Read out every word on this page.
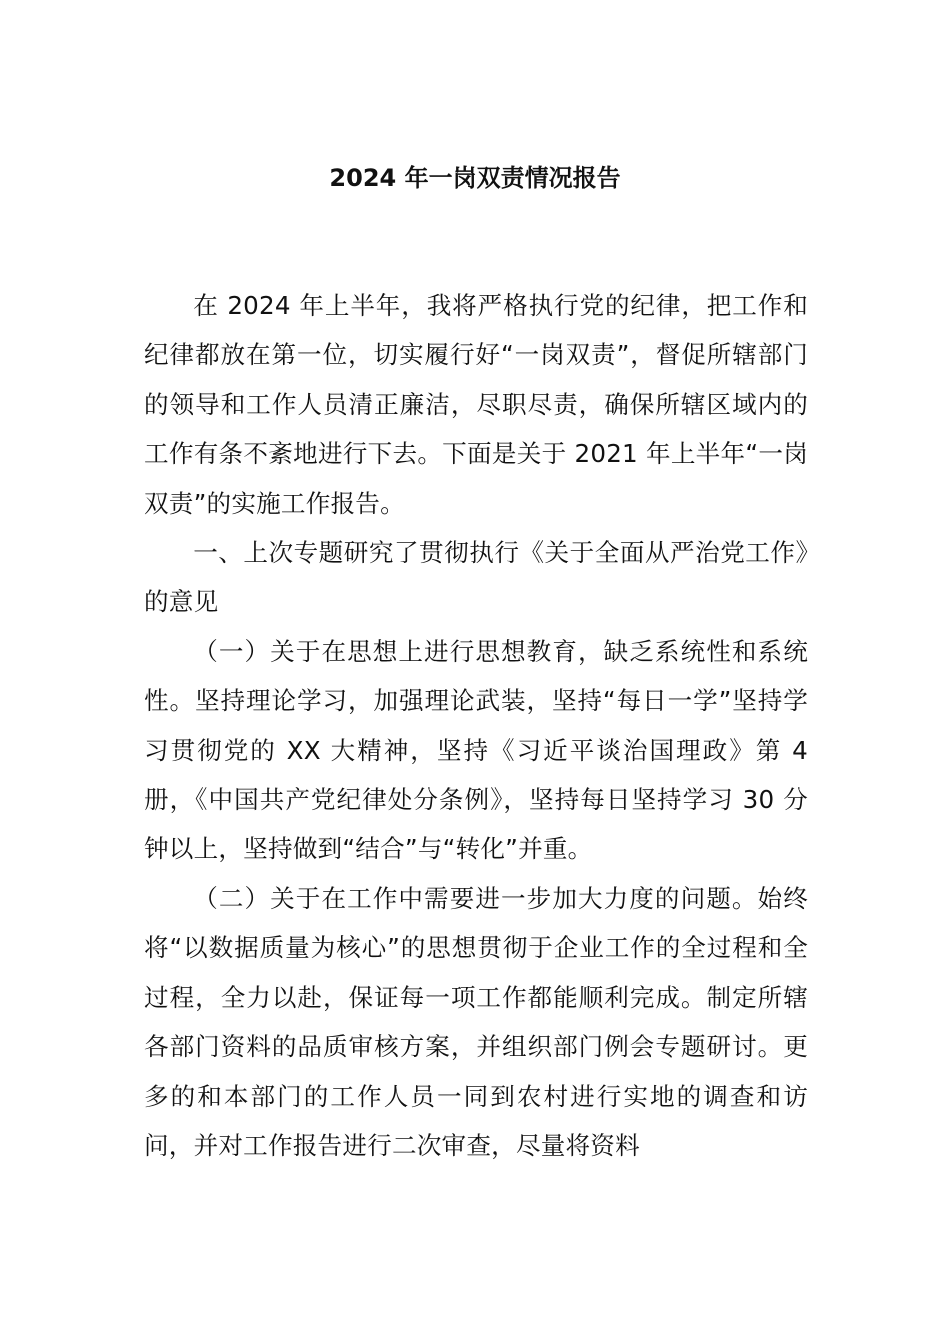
2024 年一岗双责情况报告

在 2024 年上半年，我将严格执行党的纪律，把工作和纪律都放在第一位，切实履行好“一岗双责”，督促所辖部门的领导和工作人员清正廉洁，尽职尽责，确保所辖区域内的工作有条不紊地进行下去。下面是关于 2021 年上半年“一岗双责”的实施工作报告。

一、上次专题研究了贯彻执行《关于全面从严治党工作》的意见

（一）关于在思想上进行思想教育，缺乏系统性和系统性。坚持理论学习，加强理论武装，坚持“每日一学”坚持学习贯彻党的 XX 大精神，坚持《习近平谈治国理政》第 4 册，《中国共产党纪律处分条例》，坚持每日坚持学习 30 分钟以上，坚持做到“结合”与“转化”并重。

（二）关于在工作中需要进一步加大力度的问题。始终将“以数据质量为核心”的思想贯彻于企业工作的全过程和全过程，全力以赴，保证每一项工作都能顺利完成。制定所辖各部门资料的品质审核方案，并组织部门例会专题研讨。更多的和本部门的工作人员一同到农村进行实地的调查和访问，并对工作报告进行二次审查，尽量将资料
